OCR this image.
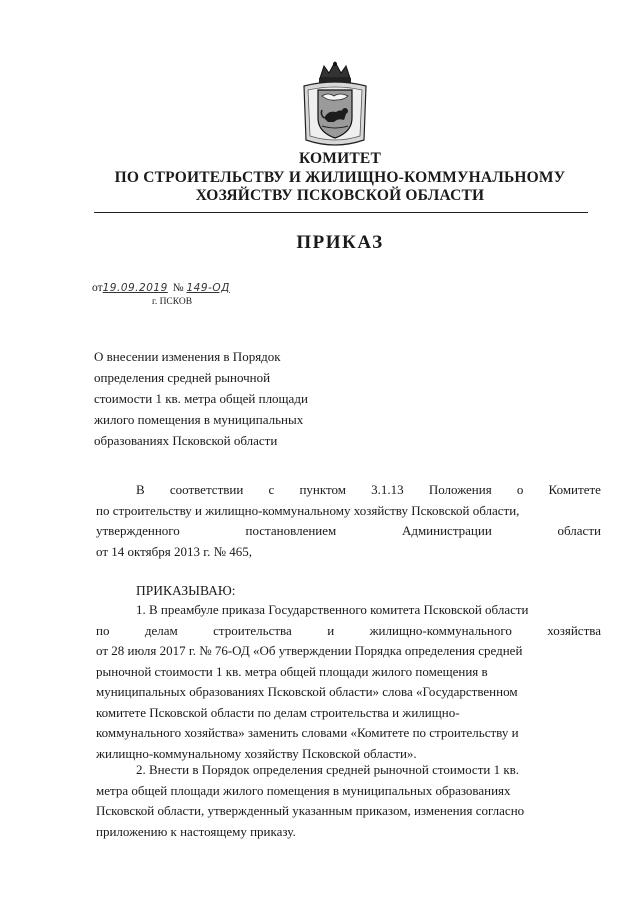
КОМИТЕТ
ПО СТРОИТЕЛЬСТВУ И ЖИЛИЩНО-КОММУНАЛЬНОМУ
ХОЗЯЙСТВУ ПСКОВСКОЙ ОБЛАСТИ
ПРИКАЗ
от19.09.2019 № 149-ОД
г. ПСКОВ
О внесении изменения в Порядок
определения средней рыночной
стоимости 1 кв. метра общей площади
жилого помещения в муниципальных
образованиях Псковской области
В соответствии с пунктом 3.1.13 Положения о Комитете
по строительству и жилищно-коммунальному хозяйству Псковской области,
утвержденного	постановлением	Администрации	области
от 14 октября 2013 г. № 465,
ПРИКАЗЫВАЮ:
1. В преамбуле приказа Государственного комитета Псковской области
по	делам	строительства	и	жилищно-коммунального	хозяйства
от 28 июля 2017 г. № 76-ОД «Об утверждении Порядка определения средней
рыночной стоимости 1 кв. метра общей площади жилого помещения в
муниципальных образованиях Псковской области» слова «Государственном
комитете Псковской области по делам строительства и жилищно-
коммунального хозяйства» заменить словами «Комитете по строительству и
жилищно-коммунальному хозяйству Псковской области».
2. Внести в Порядок определения средней рыночной стоимости 1 кв.
метра общей площади жилого помещения в муниципальных образованиях
Псковской области, утвержденный указанным приказом, изменения согласно
приложению к настоящему приказу.
